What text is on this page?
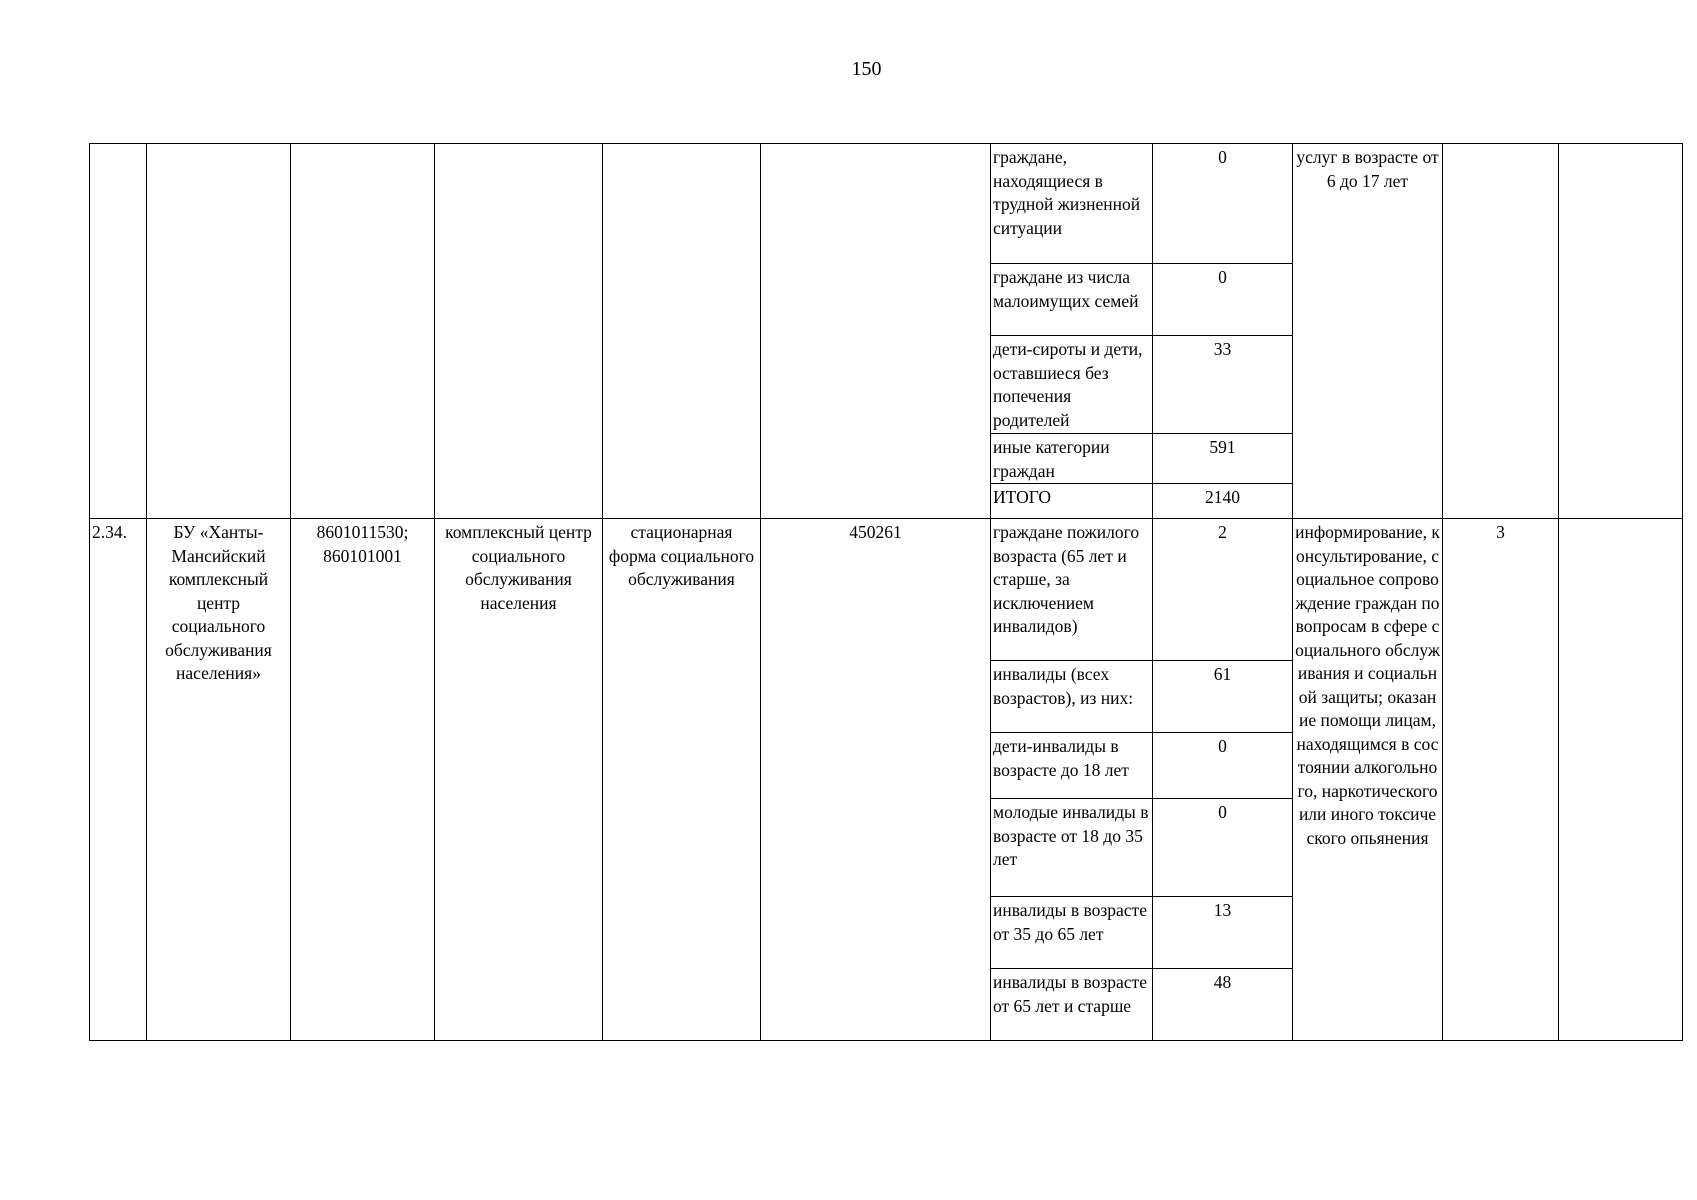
150
						граждане, находящиеся в трудной жизненной ситуации	0	услуг в возрасте от 6 до 17 лет		
						граждане из числа малоимущих семей	0			
						дети-сироты и дети, оставшиеся без попечения родителей	33			
						иные категории граждан	591			
						ИТОГО	2140			
2.34.	БУ «Ханты-Мансийский комплексный центр социального обслуживания населения»	8601011530; 860101001	комплексный центр социального обслуживания населения	стационарная форма социального обслуживания	450261	граждане пожилого возраста (65 лет и старше, за исключением инвалидов)	2	информирование, консультирование, социальное сопровождение граждан по вопросам в сфере социального обслуживания и социальной защиты; оказание помощи лицам, находящимся в состоянии алкогольного, наркотического или иного токсического опьянения	3	
						инвалиды (всех возрастов), из них:	61			
						дети-инвалиды в возрасте до 18 лет	0			
						молодые инвалиды в возрасте от 18 до 35 лет	0			
						инвалиды в возрасте от 35 до 65 лет	13			
						инвалиды в возрасте от 65 лет и старше	48			
